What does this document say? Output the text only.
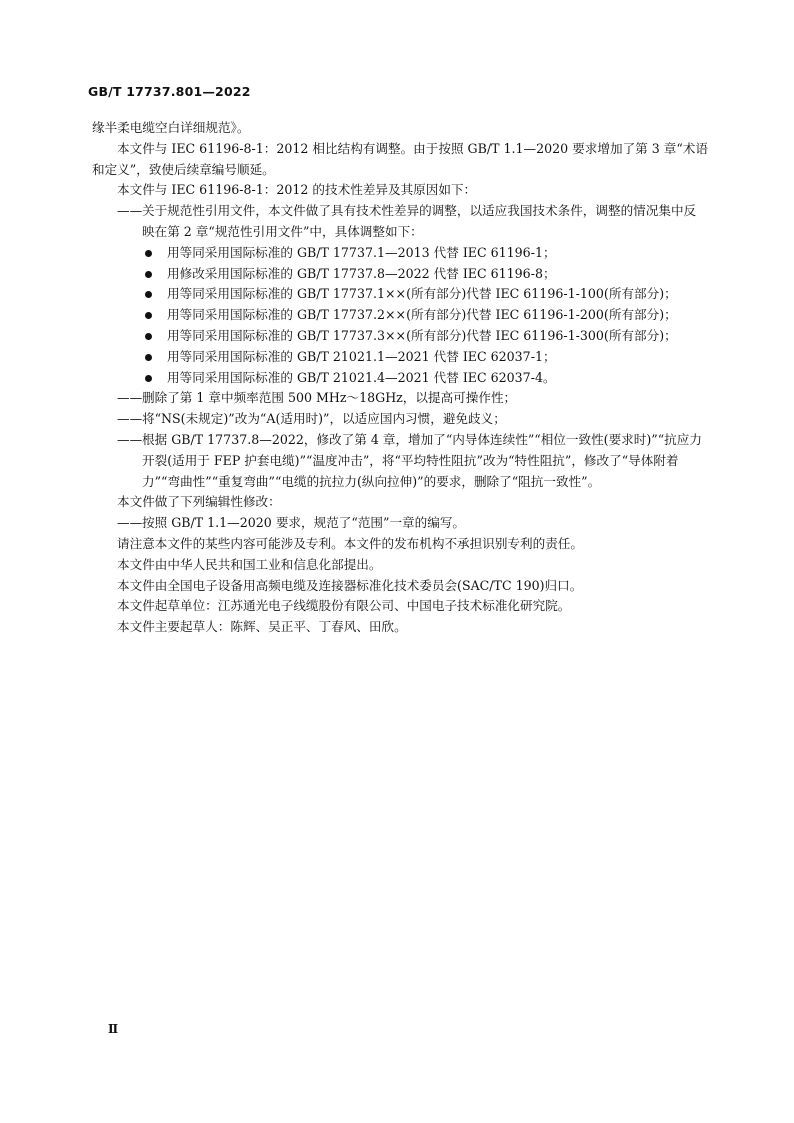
GB/T 17737.801—2022

缘半柔电缆空白详细规范》。

本文件与 IEC 61196-8-1：2012 相比结构有调整。由于按照 GB/T 1.1—2020 要求增加了第 3 章“术语和定义”，致使后续章编号顺延。

本文件与 IEC 61196-8-1：2012 的技术性差异及其原因如下：

——关于规范性引用文件，本文件做了具有技术性差异的调整，以适应我国技术条件，调整的情况集中反映在第 2 章“规范性引用文件”中，具体调整如下：

用等同采用国际标准的 GB/T 17737.1—2013 代替 IEC 61196-1；
用修改采用国际标准的 GB/T 17737.8—2022 代替 IEC 61196-8；
用等同采用国际标准的 GB/T 17737.1××(所有部分)代替 IEC 61196-1-100(所有部分)；
用等同采用国际标准的 GB/T 17737.2××(所有部分)代替 IEC 61196-1-200(所有部分)；
用等同采用国际标准的 GB/T 17737.3××(所有部分)代替 IEC 61196-1-300(所有部分)；
用等同采用国际标准的 GB/T 21021.1—2021 代替 IEC 62037-1；
用等同采用国际标准的 GB/T 21021.4—2021 代替 IEC 62037-4。

——删除了第 1 章中频率范围 500 MHz～18GHz，以提高可操作性；

——将“NS(未规定)”改为“A(适用时)”，以适应国内习惯，避免歧义；

——根据 GB/T 17737.8—2022，修改了第 4 章，增加了“内导体连续性”“相位一致性(要求时)”“抗应力开裂(适用于 FEP 护套电缆)”“温度冲击”，将“平均特性阻抗”改为“特性阻抗”，修改了“导体附着力”“弯曲性”“重复弯曲”“电缆的抗拉力(纵向拉伸)”的要求，删除了“阻抗一致性”。

本文件做了下列编辑性修改：

——按照 GB/T 1.1—2020 要求，规范了“范围”一章的编写。

请注意本文件的某些内容可能涉及专利。本文件的发布机构不承担识别专利的责任。

本文件由中华人民共和国工业和信息化部提出。

本文件由全国电子设备用高频电缆及连接器标准化技术委员会(SAC/TC 190)归口。

本文件起草单位：江苏通光电子线缆股份有限公司、中国电子技术标准化研究院。

本文件主要起草人：陈辉、吴正平、丁春风、田欣。

Ⅱ
